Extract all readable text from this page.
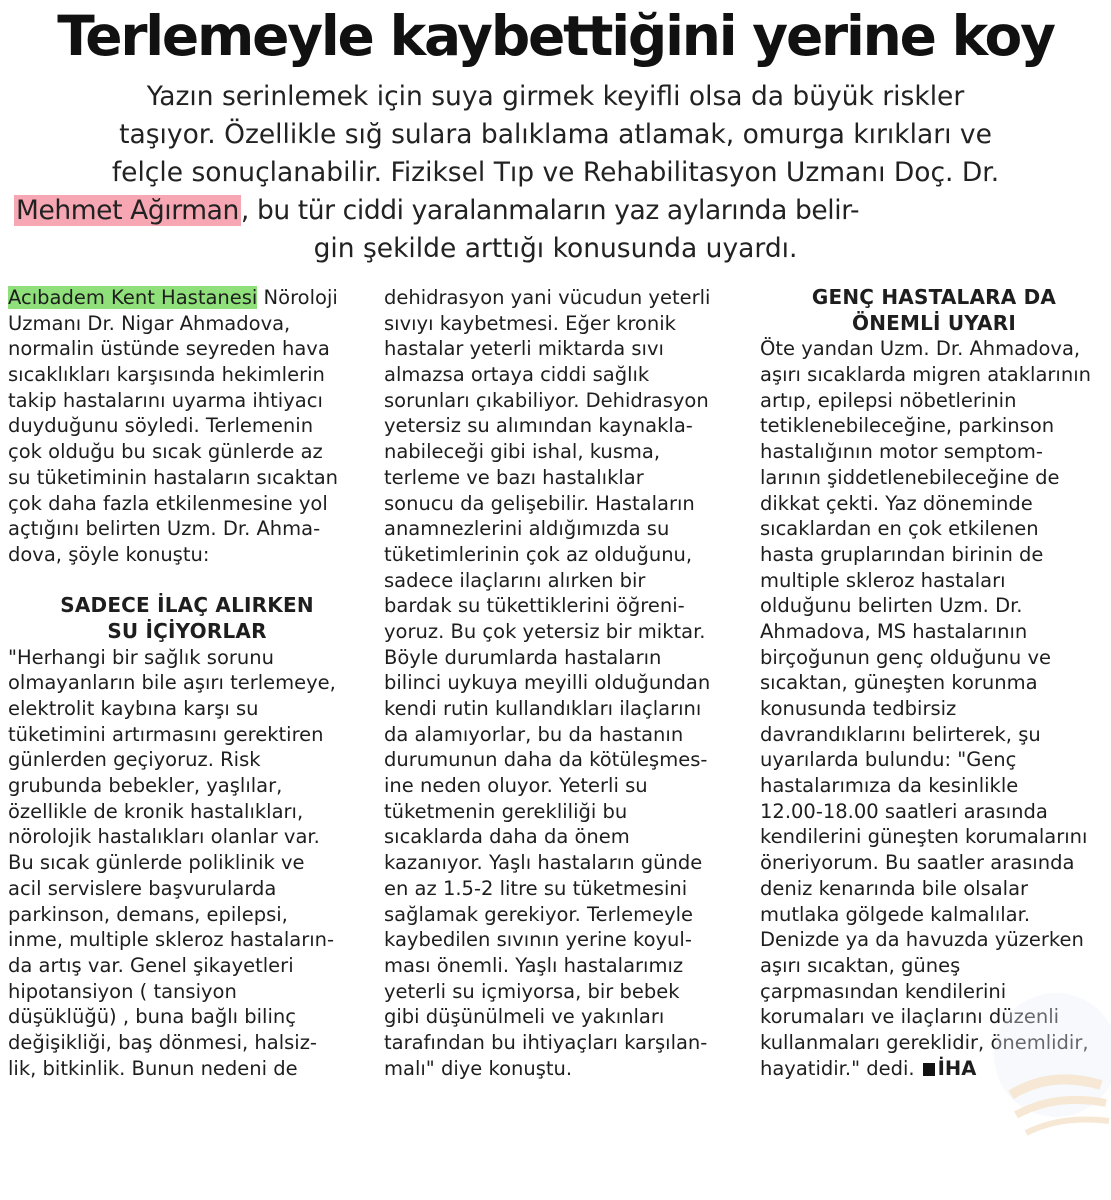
Terlemeyle kaybettiğini yerine koy
Yazın serinlemek için suya girmek keyifli olsa da büyük riskler
taşıyor. Özellikle sığ sulara balıklama atlamak, omurga kırıkları ve
felçle sonuçlanabilir. Fiziksel Tıp ve Rehabilitasyon Uzmanı Doç. Dr.
Mehmet Ağırman, bu tür ciddi yaralanmaların yaz aylarında belir-
gin şekilde arttığı konusunda uyardı.
Acıbadem Kent Hastanesi Nöroloji
Uzmanı Dr. Nigar Ahmadova,
normalin üstünde seyreden hava
sıcaklıkları karşısında hekimlerin
takip hastalarını uyarma ihtiyacı
duyduğunu söyledi. Terlemenin
çok olduğu bu sıcak günlerde az
su tüketiminin hastaların sıcaktan
çok daha fazla etkilenmesine yol
açtığını belirten Uzm. Dr. Ahma-
dova, şöyle konuştu:
SADECE İLAÇ ALIRKEN
SU İÇİYORLAR
"Herhangi bir sağlık sorunu
olmayanların bile aşırı terlemeye,
elektrolit kaybına karşı su
tüketimini artırmasını gerektiren
günlerden geçiyoruz. Risk
grubunda bebekler, yaşlılar,
özellikle de kronik hastalıkları,
nörolojik hastalıkları olanlar var.
Bu sıcak günlerde poliklinik ve
acil servislere başvurularda
parkinson, demans, epilepsi,
inme, multiple skleroz hastaların-
da artış var. Genel şikayetleri
hipotansiyon ( tansiyon
düşüklüğü) , buna bağlı bilinç
değişikliği, baş dönmesi, halsiz-
lik, bitkinlik. Bunun nedeni de
dehidrasyon yani vücudun yeterli
sıvıyı kaybetmesi. Eğer kronik
hastalar yeterli miktarda sıvı
almazsa ortaya ciddi sağlık
sorunları çıkabiliyor. Dehidrasyon
yetersiz su alımından kaynakla-
nabileceği gibi ishal, kusma,
terleme ve bazı hastalıklar
sonucu da gelişebilir. Hastaların
anamnezlerini aldığımızda su
tüketimlerinin çok az olduğunu,
sadece ilaçlarını alırken bir
bardak su tükettiklerini öğreni-
yoruz. Bu çok yetersiz bir miktar.
Böyle durumlarda hastaların
bilinci uykuya meyilli olduğundan
kendi rutin kullandıkları ilaçlarını
da alamıyorlar, bu da hastanın
durumunun daha da kötüleşmes-
ine neden oluyor. Yeterli su
tüketmenin gerekliliği bu
sıcaklarda daha da önem
kazanıyor. Yaşlı hastaların günde
en az 1.5-2 litre su tüketmesini
sağlamak gerekiyor. Terlemeyle
kaybedilen sıvının yerine koyul-
ması önemli. Yaşlı hastalarımız
yeterli su içmiyorsa, bir bebek
gibi düşünülmeli ve yakınları
tarafından bu ihtiyaçları karşılan-
malı" diye konuştu.
GENÇ HASTALARA DA
ÖNEMLİ UYARI
Öte yandan Uzm. Dr. Ahmadova,
aşırı sıcaklarda migren ataklarının
artıp, epilepsi nöbetlerinin
tetiklenebileceğine, parkinson
hastalığının motor semptom-
larının şiddetlenebileceğine de
dikkat çekti. Yaz döneminde
sıcaklardan en çok etkilenen
hasta gruplarından birinin de
multiple skleroz hastaları
olduğunu belirten Uzm. Dr.
Ahmadova, MS hastalarının
birçoğunun genç olduğunu ve
sıcaktan, güneşten korunma
konusunda tedbirsiz
davrandıklarını belirterek, şu
uyarılarda bulundu: "Genç
hastalarımıza da kesinlikle
12.00-18.00 saatleri arasında
kendilerini güneşten korumalarını
öneriyorum. Bu saatler arasında
deniz kenarında bile olsalar
mutlaka gölgede kalmalılar.
Denizde ya da havuzda yüzerken
aşırı sıcaktan, güneş
çarpmasından kendilerini
korumaları ve ilaçlarını düzenli
kullanmaları gereklidir, önemlidir,
hayatidir." dedi. İHA
